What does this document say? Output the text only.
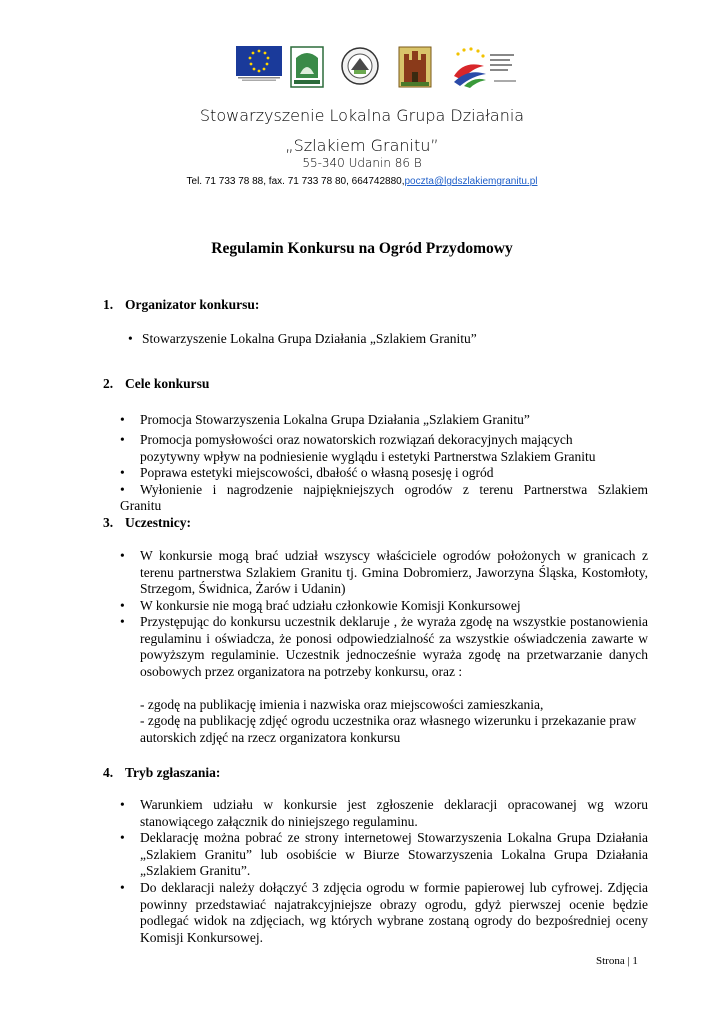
Stowarzyszenie Lokalna Grupa Działania
„Szlakiem Granitu”
55-340 Udanin 86 B
Tel. 71 733 78 88, fax. 71 733 78 80, 664742880,poczta@lgdszlakiemgranitu.pl
Regulamin Konkursu na Ogród Przydomowy
1. Organizator konkursu:
• Stowarzyszenie Lokalna Grupa Działania „Szlakiem Granitu”
2. Cele konkursu
•	Promocja Stowarzyszenia Lokalna Grupa Działania „Szlakiem Granitu”
•	Promocja pomysłowości oraz nowatorskich rozwiązań dekoracyjnych mających pozytywny wpływ na podniesienie wyglądu i estetyki Partnerstwa Szlakiem Granitu
•	Poprawa estetyki miejscowości, dbałość o własną posesję i ogród
•	Wyłonienie i nagrodzenie najpiękniejszych ogrodów z terenu Partnerstwa Szlakiem
Granitu
3. Uczestnicy:
•	W konkursie mogą brać udział wszyscy właściciele ogrodów położonych w granicach z terenu partnerstwa Szlakiem Granitu tj. Gmina Dobromierz, Jaworzyna Śląska, Kostomłoty, Strzegom, Świdnica, Żarów i Udanin)
•	W konkursie nie mogą brać udziału członkowie Komisji Konkursowej
•	Przystępując do konkursu uczestnik deklaruje , że wyraża zgodę na wszystkie postanowienia regulaminu i oświadcza, że ponosi odpowiedzialność za wszystkie oświadczenia zawarte w powyższym regulaminie. Uczestnik jednocześnie wyraża zgodę na przetwarzanie danych osobowych przez organizatora na potrzeby konkursu, oraz :
- zgodę na publikację imienia i nazwiska oraz miejscowości zamieszkania,
- zgodę na publikację zdjęć ogrodu uczestnika oraz własnego wizerunku i przekazanie praw autorskich zdjęć na rzecz organizatora konkursu
4. Tryb zgłaszania:
•	Warunkiem udziału w konkursie jest zgłoszenie deklaracji opracowanej wg wzoru stanowiącego załącznik do niniejszego regulaminu.
•	Deklarację można pobrać ze strony internetowej Stowarzyszenia Lokalna Grupa Działania „Szlakiem Granitu” lub osobiście w Biurze Stowarzyszenia Lokalna Grupa Działania „Szlakiem Granitu”.
•	Do deklaracji należy dołączyć 3 zdjęcia ogrodu w formie papierowej lub cyfrowej. Zdjęcia powinny przedstawiać najatrakcyjniejsze obrazy ogrodu, gdyż pierwszej ocenie będzie podlegać widok na zdjęciach, wg których wybrane zostaną ogrody do bezpośredniej oceny Komisji Konkursowej.
Strona | 1
